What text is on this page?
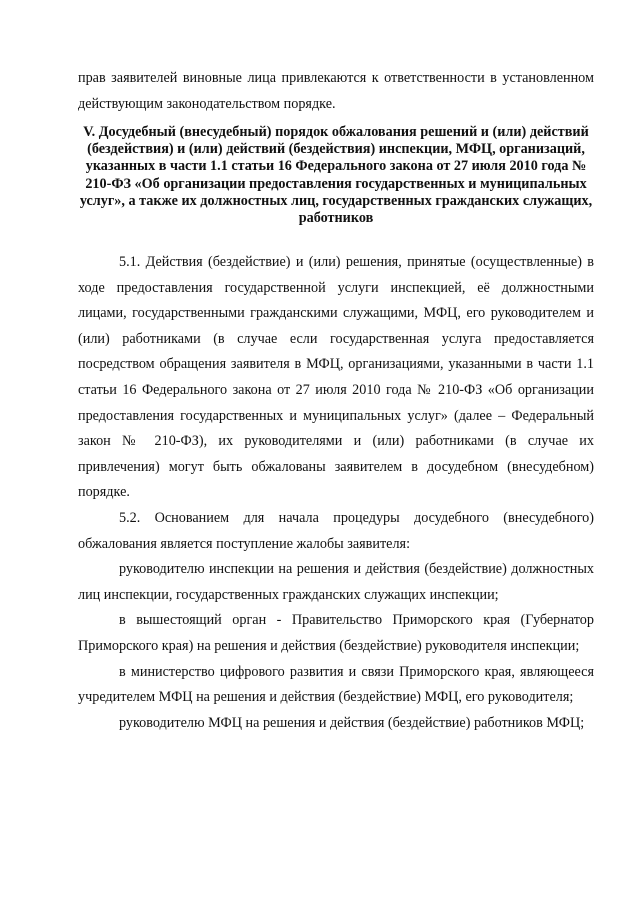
прав заявителей виновные лица привлекаются к ответственности в установленном действующим законодательством порядке.

V. Досудебный (внесудебный) порядок обжалования решений и (или) действий (бездействия) и (или) действий (бездействия) инспекции, МФЦ, организаций, указанных в части 1.1 статьи 16 Федерального закона от 27 июля 2010 года № 210-ФЗ «Об организации предоставления государственных и муниципальных услуг», а также их должностных лиц, государственных гражданских служащих, работников

5.1. Действия (бездействие) и (или) решения, принятые (осуществленные) в ходе предоставления государственной услуги инспекцией, её должностными лицами, государственными гражданскими служащими, МФЦ, его руководителем и (или) работниками (в случае если государственная услуга предоставляется посредством обращения заявителя в МФЦ, организациями, указанными в части 1.1 статьи 16 Федерального закона от 27 июля 2010 года № 210-ФЗ «Об организации предоставления государственных и муниципальных услуг» (далее – Федеральный закон № 210-ФЗ), их руководителями и (или) работниками (в случае их привлечения) могут быть обжалованы заявителем в досудебном (внесудебном) порядке.

5.2. Основанием для начала процедуры досудебного (внесудебного) обжалования является поступление жалобы заявителя:

руководителю инспекции на решения и действия (бездействие) должностных лиц инспекции, государственных гражданских служащих инспекции;

в вышестоящий орган - Правительство Приморского края (Губернатор Приморского края) на решения и действия (бездействие) руководителя инспекции;

в министерство цифрового развития и связи Приморского края, являющееся учредителем МФЦ на решения и действия (бездействие) МФЦ, его руководителя;

руководителю МФЦ на решения и действия (бездействие) работников МФЦ;
